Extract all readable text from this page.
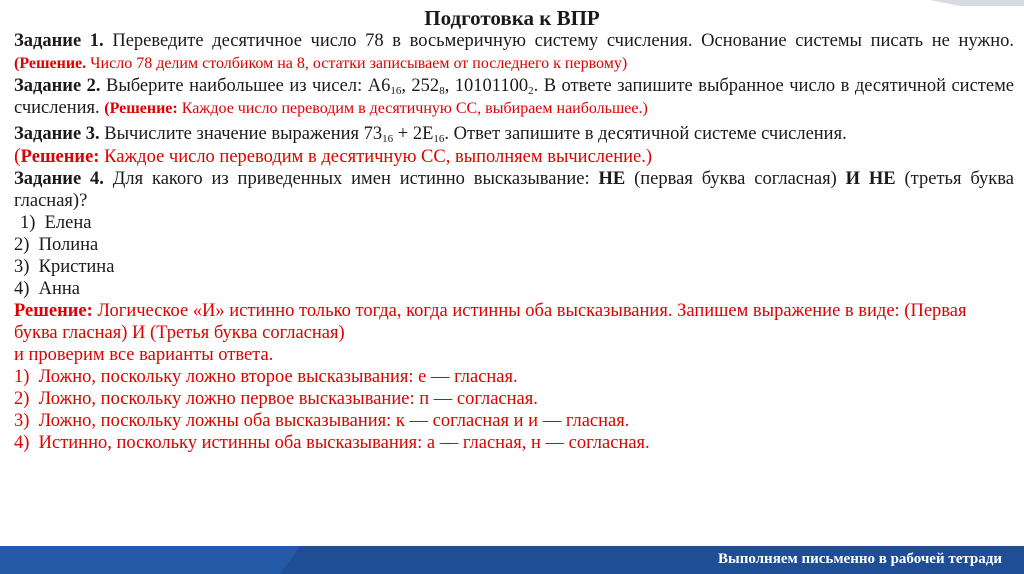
Подготовка к ВПР

Задание 1. Переведите десятичное число 78 в восьмеричную систему счисления. Основание системы писать не нужно. (Решение. Число 78 делим столбиком на 8, остатки записываем от последнего к первому)

Задание 2. Выберите наибольшее из чисел: $A6_{16}$, $252_8$, $10101100_2$. В ответе запишите выбранное число в десятичной системе счисления. (Решение: Каждое число переводим в десятичную СС, выбираем наибольшее.)

Задание 3. Вычислите значение выражения $73_{16} + 2E_{16}$. Ответ запишите в десятичной системе счисления.

(Решение: Каждое число переводим в десятичную СС, выполняем вычисление.)

Задание 4. Для какого из приведенных имен истинно высказывание: НЕ (первая буква согласная) И НЕ (третья буква гласная)?

1) Елена

2) Полина

3) Кристина

4) Анна

Решение: Логическое «И» истинно только тогда, когда истинны оба высказывания. Запишем выражение в виде: (Первая буква гласная) И (Третья буква согласная)

и проверим все варианты ответа.

1) Ложно, поскольку ложно второе высказывания: е — гласная.

2) Ложно, поскольку ложно первое высказывание: п — согласная.

3) Ложно, поскольку ложны оба высказывания: к — согласная и и — гласная.

4) Истинно, поскольку истинны оба высказывания: а — гласная, н — согласная.

Выполняем письменно в рабочей тетради
